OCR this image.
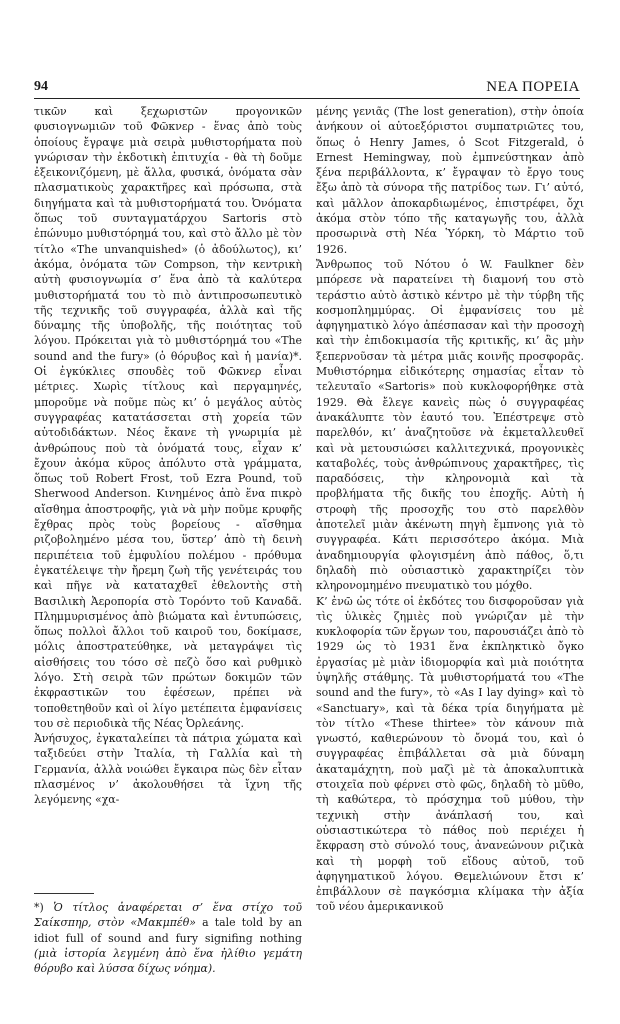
94	ΝΕΑ ΠΟΡΕΙΑ

τικῶν καὶ ξεχωριστῶν προγονικῶν φυσιογνωμιῶν τοῦ Φῶκνερ - ἕνας ἀπὸ τοὺς ὁποίους ἔγραψε μιὰ σειρὰ μυθιστορήματα ποὺ γνώρισαν τὴν ἐκδοτικὴ ἐπιτυχία - θὰ τὴ δοῦμε ἐξεικονιζόμενη, μὲ ἄλλα, φυσικά, ὀνόματα σὰν πλασματικοὺς χαρακτῆρες καὶ πρόσωπα, στὰ διηγήματα καὶ τὰ μυθιστορήματά του. Ὀνόματα ὅπως τοῦ συνταγματάρχου Sartoris στὸ ἐπώνυμο μυθιστόρημά του, καὶ στὸ ἄλλο μὲ τὸν τίτλο «The unvanquished» (ὁ ἀδούλωτος), κι’ ἀκόμα, ὀνόματα τῶν Compson, τὴν κεντρικὴ αὐτὴ φυσιογνωμία σ’ ἕνα ἀπὸ τὰ καλύτερα μυθιστορήματά του τὸ πιὸ ἀντιπροσωπευτικὸ τῆς τεχνικῆς τοῦ συγγραφέα, ἀλλὰ καὶ τῆς δύναμης τῆς ὑποβολῆς, τῆς ποιότητας τοῦ λόγου. Πρόκειται γιὰ τὸ μυθιστόρημά του «The sound and the fury» (ὁ θόρυβος καὶ ἡ μανία)*. Οἱ ἐγκύκλιες σπουδὲς τοῦ Φῶκνερ εἶναι μέτριες. Χωρὶς τίτλους καὶ περγαμηνές, μποροῦμε νὰ ποῦμε πὼς κι’ ὁ μεγάλος αὐτὸς συγγραφέας κατατάσσεται στὴ χορεία τῶν αὐτοδιδάκτων. Νέος ἔκανε τὴ γνωριμία μὲ ἀνθρώπους ποὺ τὰ ὀνόματά τους, εἶχαν κ’ ἔχουν ἀκόμα κῦρος ἀπόλυτο στὰ γράμματα, ὅπως τοῦ Robert Frost, τοῦ Ezra Pound, τοῦ Sherwood Anderson. Κινημένος ἀπὸ ἕνα πικρὸ αἴσθημα ἀποστροφῆς, γιὰ νὰ μὴν ποῦμε κρυφῆς ἔχθρας πρὸς τοὺς βορείους - αἴσθημα ριζοβολημένο μέσα του, ὕστερ’ ἀπὸ τὴ δεινὴ περιπέτεια τοῦ ἐμφυλίου πολέμου - πρόθυμα ἐγκατέλειψε τὴν ἤρεμη ζωὴ τῆς γενέτειράς του καὶ πῆγε νὰ καταταχθεῖ ἐθελοντὴς στὴ Βασιλικὴ Ἀεροπορία στὸ Τορόντο τοῦ Καναδᾶ. Πλημμυρισμένος ἀπὸ βιώματα καὶ ἐντυπώσεις, ὅπως πολλοὶ ἄλλοι τοῦ καιροῦ του, δοκίμασε, μόλις ἀποστρατεύθηκε, νὰ μεταγράψει τὶς αἰσθήσεις του τόσο σὲ πεζὸ ὅσο καὶ ρυθμικὸ λόγο. Στὴ σειρὰ τῶν πρώτων δοκιμῶν τῶν ἐκφραστικῶν του ἐφέσεων, πρέπει νὰ τοποθετηθοῦν καὶ οἱ λίγο μετέπειτα ἐμφανίσεις του σὲ περιοδικὰ τῆς Νέας Ὀρλεάνης.

Ἀνήσυχος, ἐγκαταλείπει τὰ πάτρια χώματα καὶ ταξιδεύει στὴν Ἰταλία, τὴ Γαλλία καὶ τὴ Γερμανία, ἀλλὰ νοιώθει ἔγκαιρα πὼς δὲν εἶταν πλασμένος ν’ ἀκολουθήσει τὰ ἴχνη τῆς λεγόμενης «χα-

μένης γενιᾶς (The lost generation), στὴν ὁποία ἀνήκουν οἱ αὐτοεξόριστοι συμπατριῶτες του, ὅπως ὁ Henry James, ὁ Scot Fitzgerald, ὁ Ernest Hemingway, ποὺ ἐμπνεύστηκαν ἀπὸ ξένα περιβάλλοντα, κ’ ἔγραψαν τὸ ἔργο τους ἔξω ἀπὸ τὰ σύνορα τῆς πατρίδος των. Γι’ αὐτό, καὶ μᾶλλον ἀποκαρδιωμένος, ἐπιστρέφει, ὄχι ἀκόμα στὸν τόπο τῆς καταγωγῆς του, ἀλλὰ προσωρινὰ στὴ Νέα Ὑόρκη, τὸ Μάρτιο τοῦ 1926.

Ἄνθρωπος τοῦ Νότου ὁ W. Faulkner δὲν μπόρεσε νὰ παρατείνει τὴ διαμονή του στὸ τεράστιο αὐτὸ ἀστικὸ κέντρο μὲ τὴν τύρβη τῆς κοσμοπλημμύρας. Οἱ ἐμφανίσεις του μὲ ἀφηγηματικὸ λόγο ἀπέσπασαν καὶ τὴν προσοχὴ καὶ τὴν ἐπιδοκιμασία τῆς κριτικῆς, κι’ ἂς μὴν ξεπερνοῦσαν τὰ μέτρα μιᾶς κοινῆς προσφορᾶς. Μυθιστόρημα εἰδικότερης σημασίας εἶταν τὸ τελευταῖο «Sartoris» ποὺ κυκλοφορήθηκε στὰ 1929. Θὰ ἔλεγε κανεὶς πὼς ὁ συγγραφέας ἀνακάλυπτε τὸν ἑαυτό του. Ἐπέστρεψε στὸ παρελθόν, κι’ ἀναζητοῦσε νὰ ἐκμεταλλευθεῖ καὶ νὰ μετουσιώσει καλλιτεχνικά, προγονικὲς καταβολές, τοὺς ἀνθρώπινους χαρακτῆρες, τὶς παραδόσεις, τὴν κληρονομιὰ καὶ τὰ προβλήματα τῆς δικῆς του ἐποχῆς. Αὐτὴ ἡ στροφὴ τῆς προσοχῆς του στὸ παρελθὸν ἀποτελεῖ μιὰν ἀκένωτη πηγὴ ἔμπνοης γιὰ τὸ συγγραφέα. Κάτι περισσότερο ἀκόμα. Μιὰ ἀναδημιουργία φλογισμένη ἀπὸ πάθος, ὅ,τι δηλαδὴ πιὸ οὐσιαστικὸ χαρακτηρίζει τὸν κληρονομημένο πνευματικὸ του μόχθο.

Κ’ ἐνῶ ὡς τότε οἱ ἐκδότες του δισφοροῦσαν γιὰ τὶς ὑλικὲς ζημιὲς ποὺ γνώριζαν μὲ τὴν κυκλοφορία τῶν ἔργων του, παρουσιάζει ἀπὸ τὸ 1929 ὡς τὸ 1931 ἕνα ἐκπληκτικὸ ὄγκο ἐργασίας μὲ μιὰν ἰδιομορφία καὶ μιὰ ποιότητα ὑψηλῆς στάθμης. Τὰ μυθιστορήματά του «The sound and the fury», τὸ «As I lay dying» καὶ τὸ «Sanctuary», καὶ τὰ δέκα τρία διηγήματα μὲ τὸν τίτλο «These thirtee» τὸν κάνουν πιὰ γνωστό, καθιερώνουν τὸ ὄνομά του, καὶ ὁ συγγραφέας ἐπιβάλλεται σὰ μιὰ δύναμη ἀκαταμάχητη, ποὺ μαζὶ μὲ τὰ ἀποκαλυπτικὰ στοιχεῖα ποὺ φέρνει στὸ φῶς, δηλαδὴ τὸ μῦθο, τὴ καθώτερα, τὸ πρόσχημα τοῦ μύθου, τὴν τεχνικὴ στὴν ἀνάπλασή του, καὶ οὐσιαστικώτερα τὸ πάθος ποὺ περιέχει ἡ ἔκφραση στὸ σύνολό τους, ἀνανεώνουν ριζικὰ καὶ τὴ μορφὴ τοῦ εἴδους αὐτοῦ, τοῦ ἀφηγηματικοῦ λόγου. Θεμελιώνουν ἔτσι κ’ ἐπιβάλλουν σὲ παγκόσμια κλίμακα τὴν ἀξία τοῦ νέου ἀμερικανικοῦ

*) Ὁ τίτλος ἀναφέρεται σ’ ἕνα στίχο τοῦ Σαίκσπηρ, στὸν «Μακμπέθ» a tale told by an idiot full of sound and fury signifing nothing (μιὰ ἱστορία λεγμένη ἀπὸ ἕνα ἠλίθιο γεμάτη θόρυβο καὶ λύσσα δίχως νόημα).
